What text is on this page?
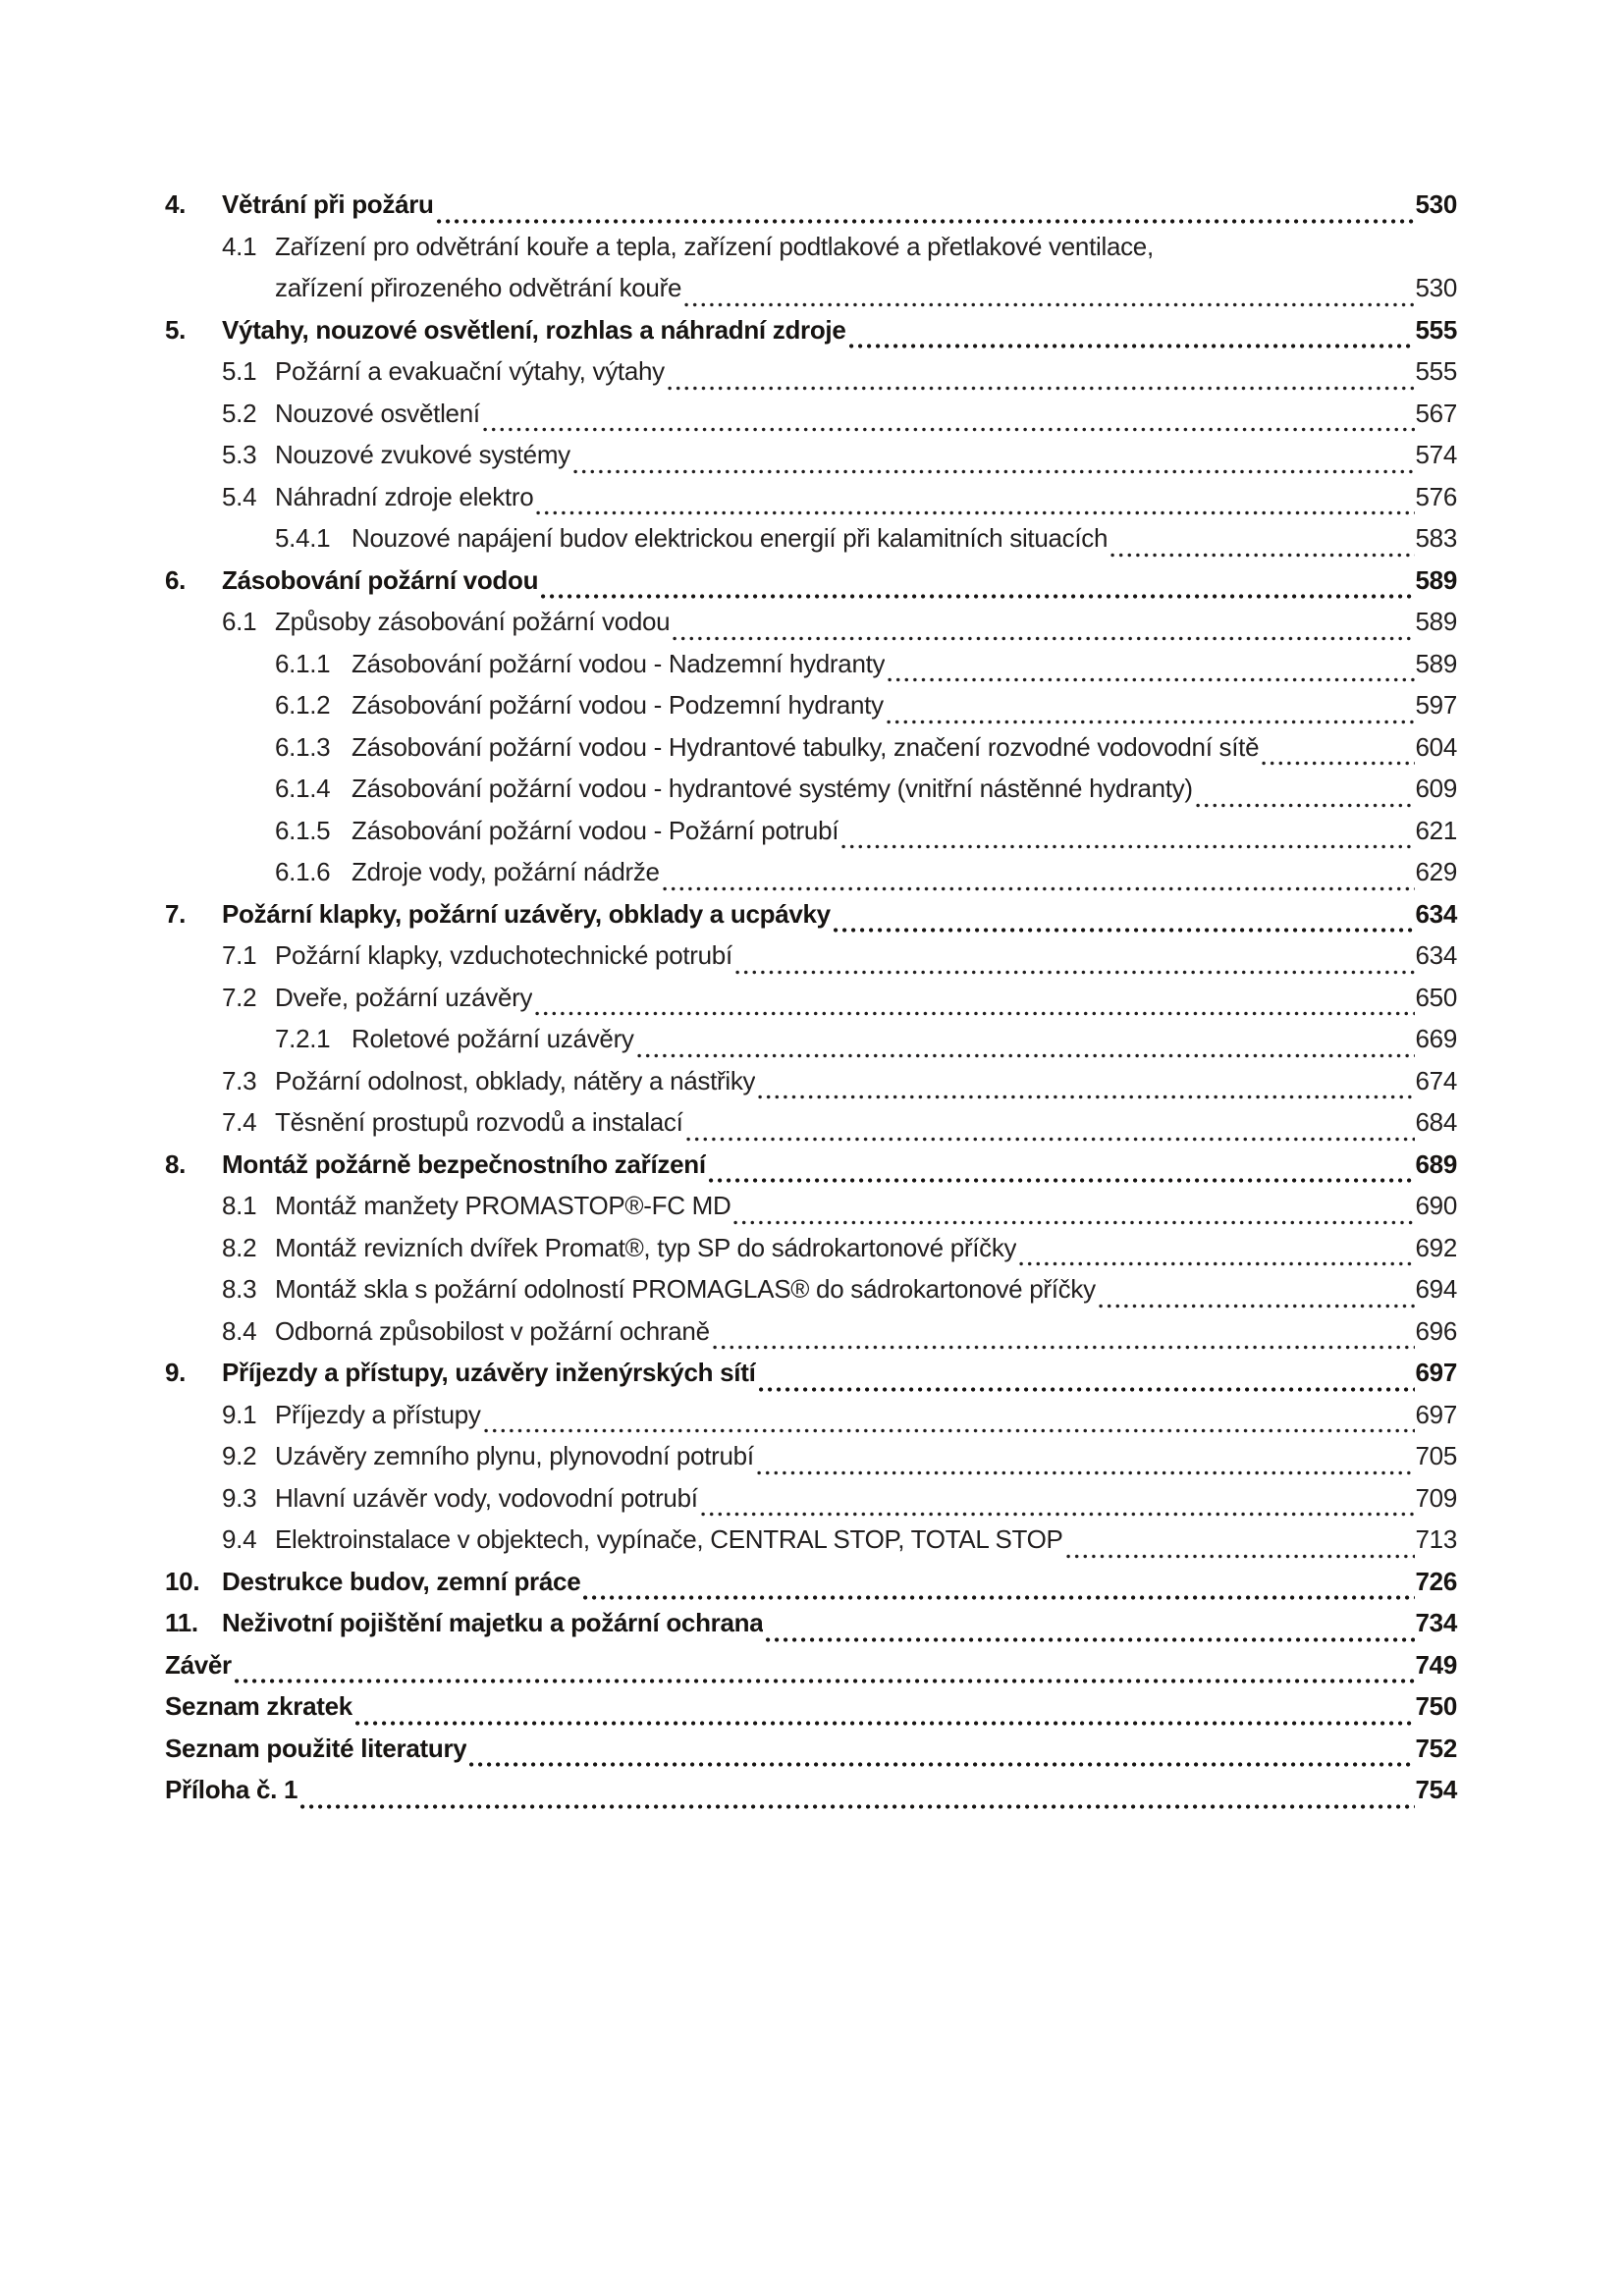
4.	Větrání při požáru	530
4.1 Zařízení pro odvětrání kouře a tepla, zařízení podtlakové a přetlakové ventilace,
zařízení přirozeného odvětrání kouře	530
5.	Výtahy, nouzové osvětlení, rozhlas a náhradní zdroje	555
5.1 Požární a evakuační výtahy, výtahy	555
5.2 Nouzové osvětlení	567
5.3 Nouzové zvukové systémy	574
5.4 Náhradní zdroje elektro	576
5.4.1 Nouzové napájení budov elektrickou energií při kalamitních situacích	583
6.	Zásobování požární vodou	589
6.1 Způsoby zásobování požární vodou	589
6.1.1 Zásobování požární vodou - Nadzemní hydranty	589
6.1.2 Zásobování požární vodou - Podzemní hydranty	597
6.1.3 Zásobování požární vodou - Hydrantové tabulky, značení rozvodné vodovodní sítě	604
6.1.4 Zásobování požární vodou - hydrantové systémy (vnitřní nástěnné hydranty)	609
6.1.5 Zásobování požární vodou - Požární potrubí	621
6.1.6 Zdroje vody, požární nádrže	629
7.	Požární klapky, požární uzávěry, obklady a ucpávky	634
7.1 Požární klapky, vzduchotechnické potrubí	634
7.2 Dveře, požární uzávěry	650
7.2.1 Roletové požární uzávěry	669
7.3 Požární odolnost, obklady, nátěry a nástřiky	674
7.4 Těsnění prostupů rozvodů a instalací	684
8.	Montáž požárně bezpečnostního zařízení	689
8.1 Montáž manžety PROMASTOP®-FC MD	690
8.2 Montáž revizních dvířek Promat®, typ SP do sádrokartonové příčky	692
8.3 Montáž skla s požární odolností PROMAGLAS® do sádrokartonové příčky	694
8.4 Odborná způsobilost v požární ochraně	696
9.	Příjezdy a přístupy, uzávěry inženýrských sítí	697
9.1 Příjezdy a přístupy	697
9.2 Uzávěry zemního plynu, plynovodní potrubí	705
9.3 Hlavní uzávěr vody, vodovodní potrubí	709
9.4 Elektroinstalace v objektech, vypínače, CENTRAL STOP, TOTAL STOP	713
10. Destrukce budov, zemní práce	726
11. Neživotní pojištění majetku a požární ochrana	734
Závěr	749
Seznam zkratek	750
Seznam použité literatury	752
Příloha č. 1	754
